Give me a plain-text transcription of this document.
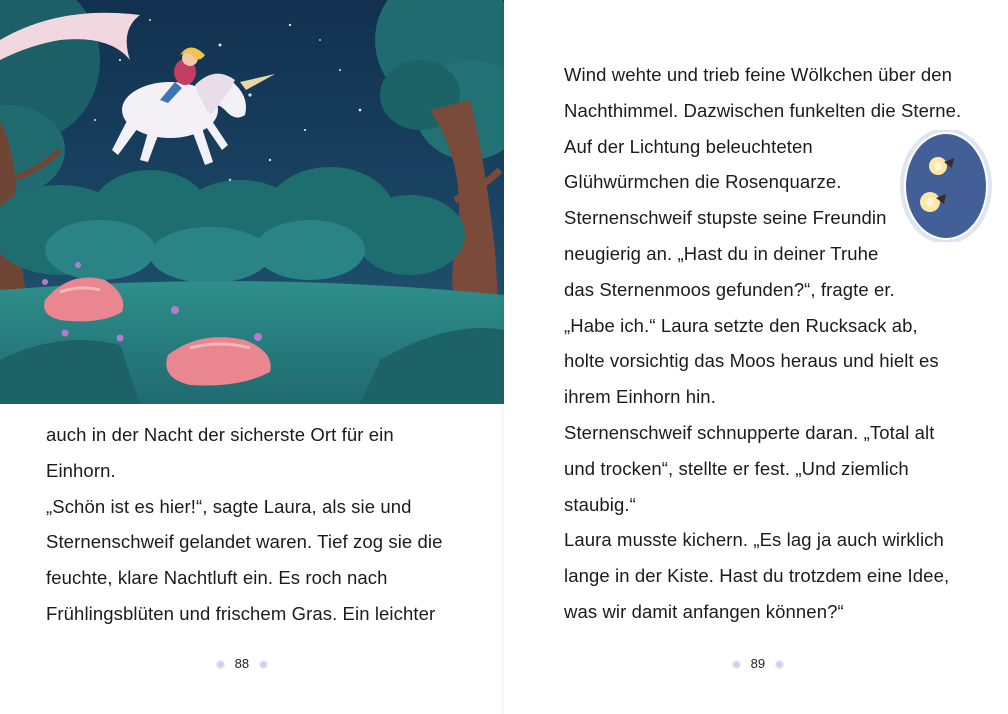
auch in der Nacht der sicherste Ort für ein
Einhorn.
„Schön ist es hier!“, sagte Laura, als sie und
Sternenschweif gelandet waren. Tief zog sie die
feuchte, klare Nachtluft ein. Es roch nach
Frühlingsblüten und frischem Gras. Ein leichter
88
Wind wehte und trieb feine Wölkchen über den
Nachthimmel. Dazwischen funkelten die Sterne.
Auf der Lichtung beleuchteten
Glühwürmchen die Rosenquarze.
Sternenschweif stupste seine Freundin
neugierig an. „Hast du in deiner Truhe
das Sternenmoos gefunden?“, fragte er.
„Habe ich.“ Laura setzte den Rucksack ab,
holte vorsichtig das Moos heraus und hielt es
ihrem Einhorn hin.
Sternenschweif schnupperte daran. „Total alt
und trocken“, stellte er fest. „Und ziemlich
staubig.“
Laura musste kichern. „Es lag ja auch wirklich
lange in der Kiste. Hast du trotzdem eine Idee,
was wir damit anfangen können?“
89
